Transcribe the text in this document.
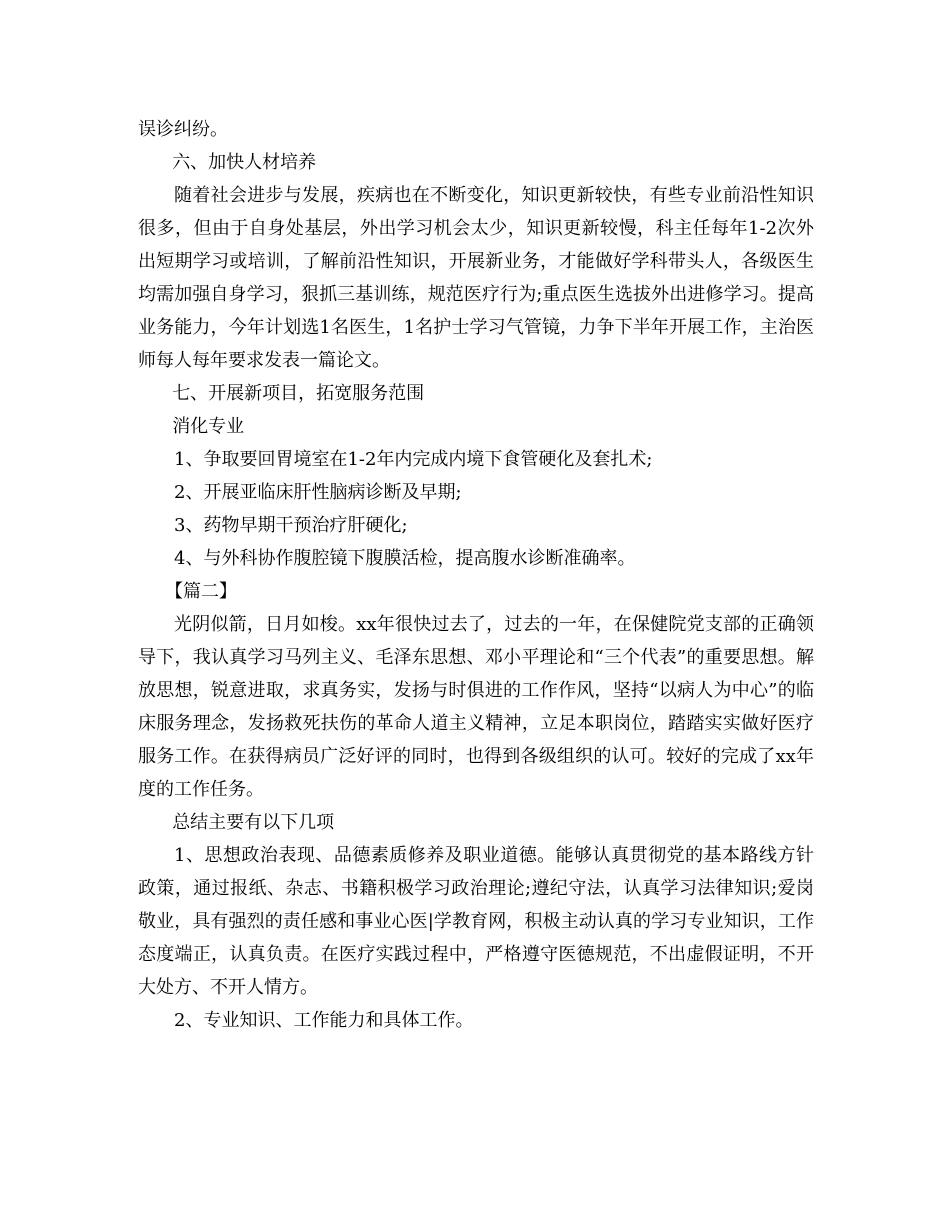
误诊纠纷。

六、加快人材培养

随着社会进步与发展，疾病也在不断变化，知识更新较快，有些专业前沿性知识很多，但由于自身处基层，外出学习机会太少，知识更新较慢，科主任每年1-2次外出短期学习或培训，了解前沿性知识，开展新业务，才能做好学科带头人，各级医生均需加强自身学习，狠抓三基训练，规范医疗行为;重点医生选拔外出进修学习。提高业务能力，今年计划选1名医生，1名护士学习气管镜，力争下半年开展工作，主治医师每人每年要求发表一篇论文。

七、开展新项目，拓宽服务范围

消化专业

1、争取要回胃境室在1-2年内完成内境下食管硬化及套扎术;

2、开展亚临床肝性脑病诊断及早期;

3、药物早期干预治疗肝硬化;

4、与外科协作腹腔镜下腹膜活检，提高腹水诊断准确率。

【篇二】

光阴似箭，日月如梭。xx年很快过去了，过去的一年，在保健院党支部的正确领导下，我认真学习马列主义、毛泽东思想、邓小平理论和“三个代表”的重要思想。解放思想，锐意进取，求真务实，发扬与时俱进的工作作风，坚持“以病人为中心”的临床服务理念，发扬救死扶伤的革命人道主义精神，立足本职岗位，踏踏实实做好医疗服务工作。在获得病员广泛好评的同时，也得到各级组织的认可。较好的完成了xx年度的工作任务。

总结主要有以下几项

1、思想政治表现、品德素质修养及职业道德。能够认真贯彻党的基本路线方针政策，通过报纸、杂志、书籍积极学习政治理论;遵纪守法，认真学习法律知识;爱岗敬业，具有强烈的责任感和事业心医|学教育网，积极主动认真的学习专业知识，工作态度端正，认真负责。在医疗实践过程中，严格遵守医德规范，不出虚假证明，不开大处方、不开人情方。

2、专业知识、工作能力和具体工作。
